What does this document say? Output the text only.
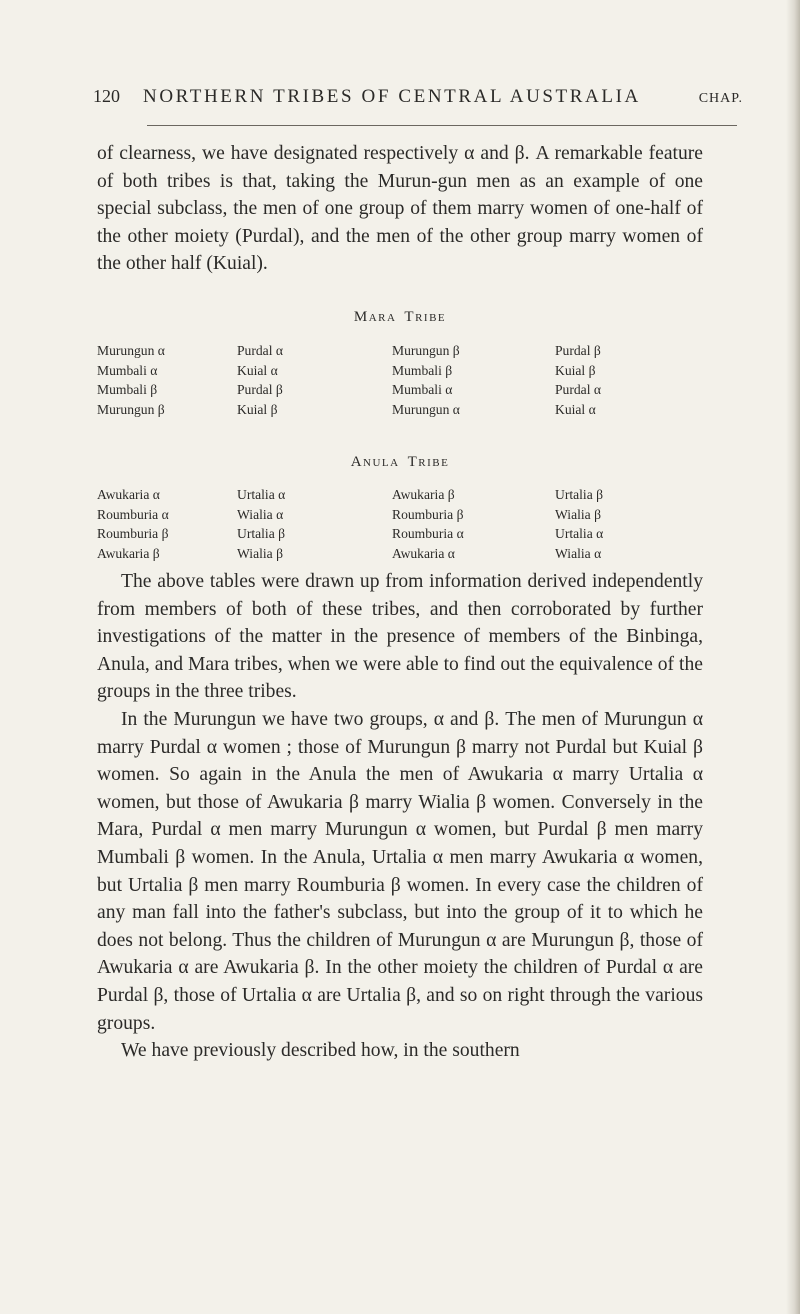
120	NORTHERN TRIBES OF CENTRAL AUSTRALIA	CHAP.

of clearness, we have designated respectively α and β. A remarkable feature of both tribes is that, taking the Murun-gun men as an example of one special subclass, the men of one group of them marry women of one-half of the other moiety (Purdal), and the men of the other group marry women of the other half (Kuial).

Mara Tribe
Murungun α	Purdal α	Murungun β	Purdal β
Mumbali α	Kuial α	Mumbali β	Kuial β
Mumbali β	Purdal β	Mumbali α	Purdal α
Murungun β	Kuial β	Murungun α	Kuial α
Anula Tribe
Awukaria α	Urtalia α	Awukaria β	Urtalia β
Roumburia α	Wialia α	Roumburia β	Wialia β
Roumburia β	Urtalia β	Roumburia α	Urtalia α
Awukaria β	Wialia β	Awukaria α	Wialia α

The above tables were drawn up from information derived independently from members of both of these tribes, and then corroborated by further investigations of the matter in the presence of members of the Binbinga, Anula, and Mara tribes, when we were able to find out the equivalence of the groups in the three tribes.

In the Murungun we have two groups, α and β. The men of Murungun α marry Purdal α women ; those of Murungun β marry not Purdal but Kuial β women. So again in the Anula the men of Awukaria α marry Urtalia α women, but those of Awukaria β marry Wialia β women. Conversely in the Mara, Purdal α men marry Murungun α women, but Purdal β men marry Mumbali β women. In the Anula, Urtalia α men marry Awukaria α women, but Urtalia β men marry Roumburia β women. In every case the children of any man fall into the father's subclass, but into the group of it to which he does not belong. Thus the children of Murungun α are Murungun β, those of Awukaria α are Awukaria β. In the other moiety the children of Purdal α are Purdal β, those of Urtalia α are Urtalia β, and so on right through the various groups.

We have previously described how, in the southern
